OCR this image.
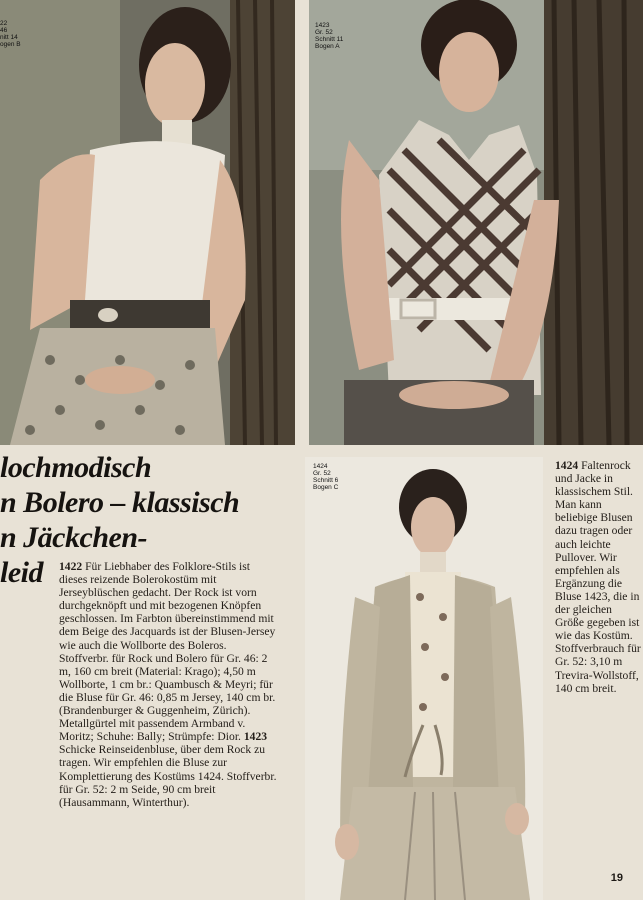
22
46
nitt 14
ogen B
1423
Gr. 52
Schnitt 11
Bogen A
1424
Gr. 52
Schnitt 6
Bogen C
lochmodisch
n Bolero – klassisch
n Jäckchen-
leid	1422 Für Liebhaber des Folklore-Stils ist dieses reizende Bolerokostüm mit Jerseyblüschen gedacht. Der Rock ist vorn durchgeknöpft und mit bezogenen Knöpfen geschlossen. Im Farbton übereinstimmend mit dem Beige des Jacquards ist der Blusen-Jersey wie auch die Wollborte des Boleros. Stoffverbr. für Rock und Bolero für Gr. 46: 2 m, 160 cm breit (Material: Krago); 4,50 m Wollborte, 1 cm br.: Quambusch & Meyri; für die Bluse für Gr. 46: 0,85 m Jersey, 140 cm br. (Brandenburger & Guggenheim, Zürich). Metallgürtel mit passendem Armband v. Moritz; Schuhe: Bally; Strümpfe: Dior. 1423 Schicke Reinseidenbluse, über dem Rock zu tragen. Wir empfehlen die Bluse zur Komplettierung des Kostüms 1424. Stoffverbr. für Gr. 52: 2 m Seide, 90 cm breit (Hausammann, Winterthur).
1424 Faltenrock und Jacke in klassischem Stil. Man kann beliebige Blusen dazu tragen oder auch leichte Pullover. Wir empfehlen als Ergänzung die Bluse 1423, die in der gleichen Größe gegeben ist wie das Kostüm. Stoffverbrauch für Gr. 52: 3,10 m Trevira-Wollstoff, 140 cm breit.
19
